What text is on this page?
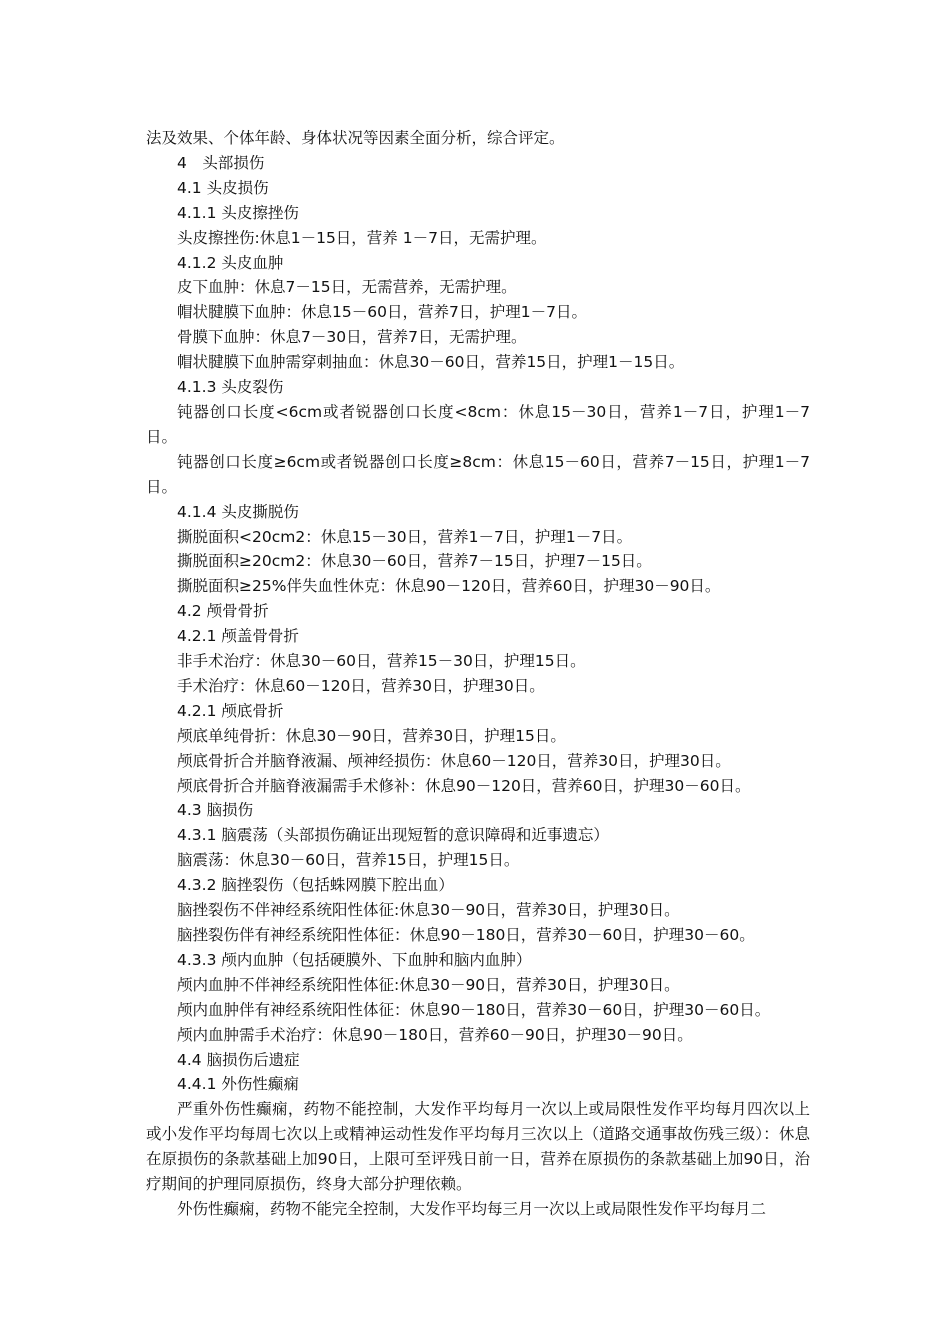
法及效果、个体年龄、身体状况等因素全面分析，综合评定。

4　头部损伤

4.1 头皮损伤

4.1.1 头皮擦挫伤

头皮擦挫伤:休息1－15日，营养 1－7日，无需护理。

4.1.2 头皮血肿

皮下血肿：休息7－15日，无需营养，无需护理。

帽状腱膜下血肿：休息15－60日，营养7日，护理1－7日。

骨膜下血肿：休息7－30日，营养7日，无需护理。

帽状腱膜下血肿需穿刺抽血：休息30－60日，营养15日，护理1－15日。

4.1.3 头皮裂伤

钝器创口长度<6cm或者锐器创口长度<8cm：休息15－30日，营养1－7日，护理1－7日。

钝器创口长度≥6cm或者锐器创口长度≥8cm：休息15－60日，营养7－15日，护理1－7日。

4.1.4 头皮撕脱伤

撕脱面积<20cm2：休息15－30日，营养1－7日，护理1－7日。

撕脱面积≥20cm2：休息30－60日，营养7－15日，护理7－15日。

撕脱面积≥25%伴失血性休克：休息90－120日，营养60日，护理30－90日。

4.2 颅骨骨折

4.2.1 颅盖骨骨折

非手术治疗：休息30－60日，营养15－30日，护理15日。

手术治疗：休息60－120日，营养30日，护理30日。

4.2.1 颅底骨折

颅底单纯骨折：休息30－90日，营养30日，护理15日。

颅底骨折合并脑脊液漏、颅神经损伤：休息60－120日，营养30日，护理30日。

颅底骨折合并脑脊液漏需手术修补：休息90－120日，营养60日，护理30－60日。

4.3 脑损伤

4.3.1 脑震荡（头部损伤确证出现短暂的意识障碍和近事遗忘）

脑震荡：休息30－60日，营养15日，护理15日。

4.3.2 脑挫裂伤（包括蛛网膜下腔出血）

脑挫裂伤不伴神经系统阳性体征:休息30－90日，营养30日，护理30日。

脑挫裂伤伴有神经系统阳性体征：休息90－180日，营养30－60日，护理30－60。

4.3.3 颅内血肿（包括硬膜外、下血肿和脑内血肿）

颅内血肿不伴神经系统阳性体征:休息30－90日，营养30日，护理30日。

颅内血肿伴有神经系统阳性体征：休息90－180日，营养30－60日，护理30－60日。

颅内血肿需手术治疗：休息90－180日，营养60－90日，护理30－90日。

4.4 脑损伤后遗症

4.4.1 外伤性癫痫

严重外伤性癫痫，药物不能控制，大发作平均每月一次以上或局限性发作平均每月四次以上或小发作平均每周七次以上或精神运动性发作平均每月三次以上（道路交通事故伤残三级）：休息在原损伤的条款基础上加90日，上限可至评残日前一日，营养在原损伤的条款基础上加90日，治疗期间的护理同原损伤，终身大部分护理依赖。

外伤性癫痫，药物不能完全控制，大发作平均每三月一次以上或局限性发作平均每月二
